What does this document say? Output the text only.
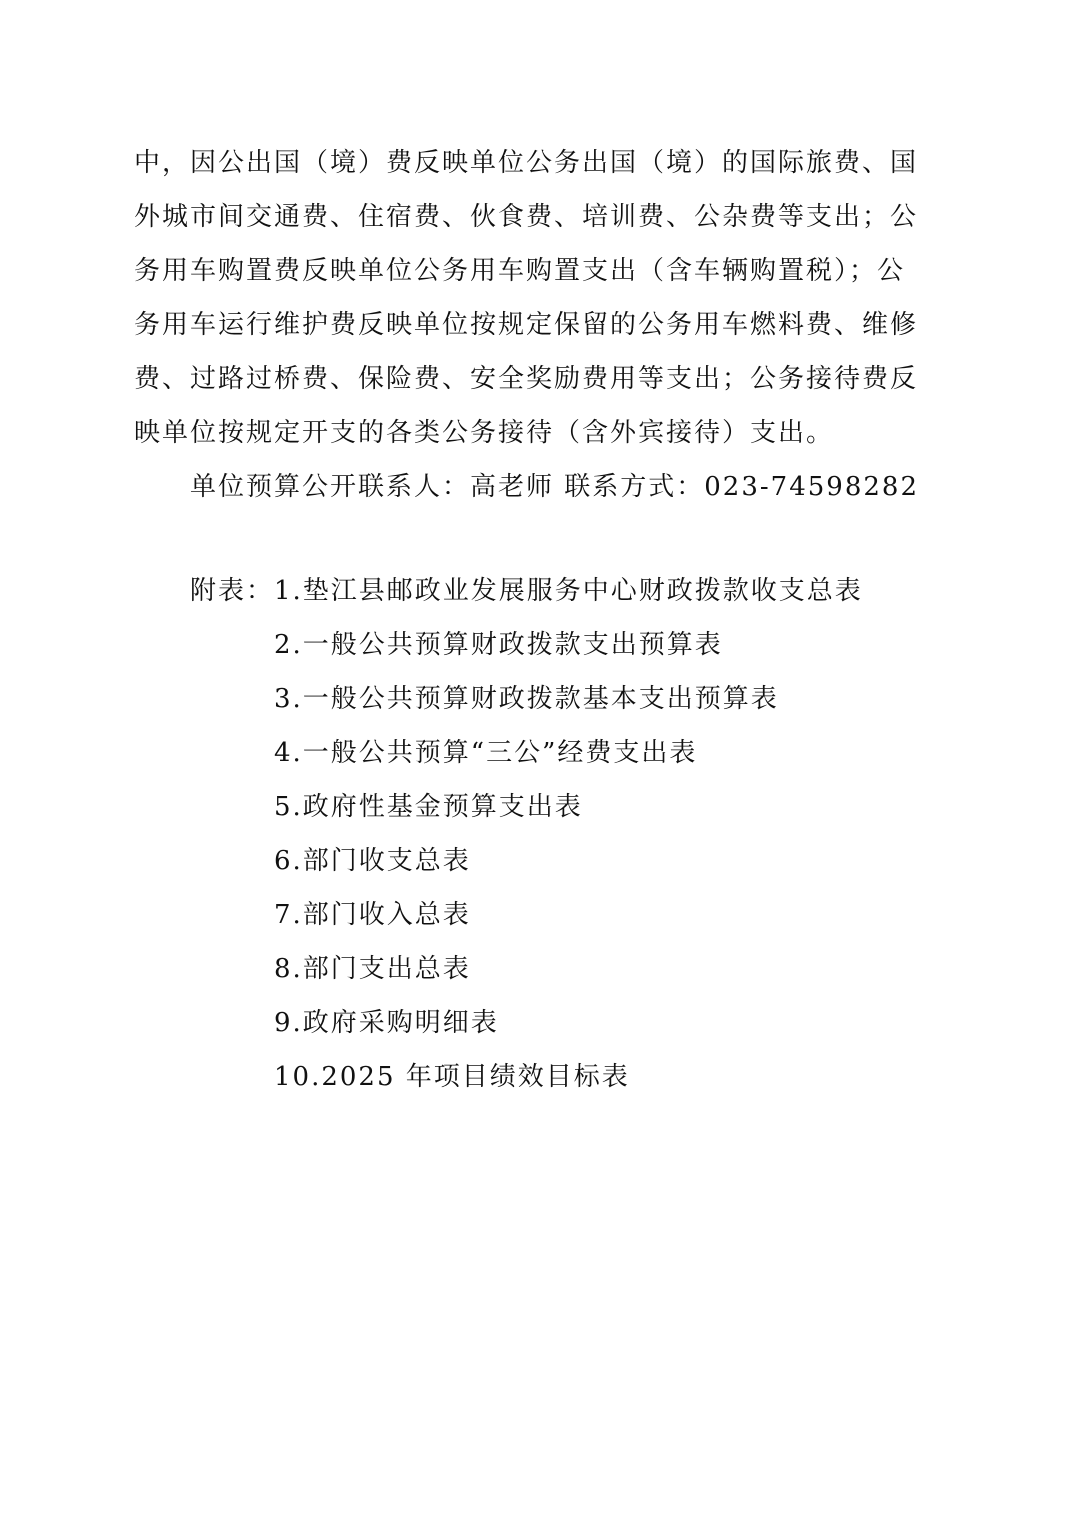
中，因公出国（境）费反映单位公务出国（境）的国际旅费、国
外城市间交通费、住宿费、伙食费、培训费、公杂费等支出；公
务用车购置费反映单位公务用车购置支出（含车辆购置税）；公
务用车运行维护费反映单位按规定保留的公务用车燃料费、维修
费、过路过桥费、保险费、安全奖励费用等支出；公务接待费反
映单位按规定开支的各类公务接待（含外宾接待）支出。
单位预算公开联系人：高老师 联系方式：023-74598282
附表： 1.垫江县邮政业发展服务中心财政拨款收支总表
2.一般公共预算财政拨款支出预算表
3.一般公共预算财政拨款基本支出预算表
4.一般公共预算“三公”经费支出表
5.政府性基金预算支出表
6.部门收支总表
7.部门收入总表
8.部门支出总表
9.政府采购明细表
10.2025 年项目绩效目标表
